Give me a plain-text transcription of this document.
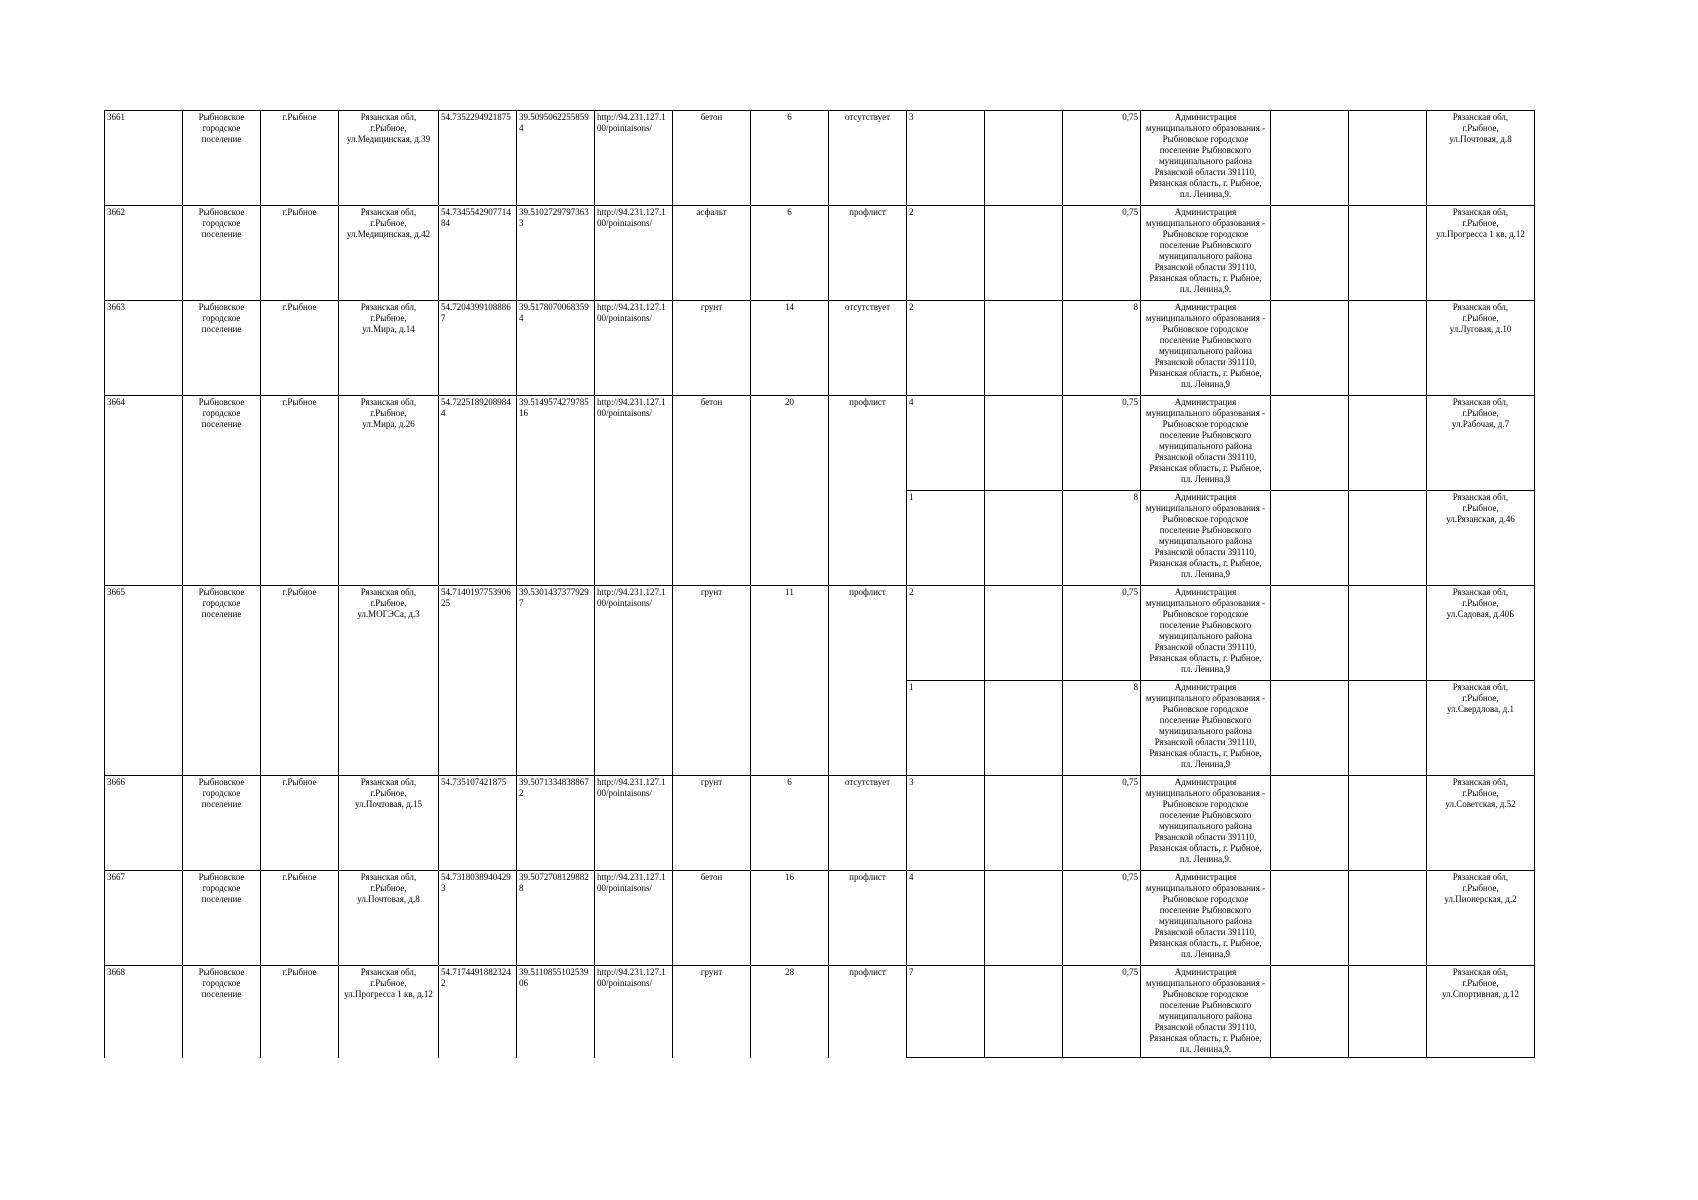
3661	Рыбновское городское поселение	г.Рыбное	Рязанская обл,
г.Рыбное,
ул.Медицинская, д.39	54.7352294921875	39.5095062255859 4	http://94.231.127.100/pointaisons/	бетон	6	отсутствует	3		0,75	Администрация муниципального образования - Рыбновское городское поселение Рыбновского муниципального района Рязанской области 391110, Рязанская область, г. Рыбное, пл. Ленина,9.			Рязанская обл,
г.Рыбное,
ул.Почтовая, д.8
3662	Рыбновское городское поселение	г.Рыбное	Рязанская обл,
г.Рыбное,
ул.Медицинская, д.42	54.7345542907714 84	39.5102729797363 3	http://94.231.127.100/pointaisons/	асфальт	6	профлист	2		0,75	Администрация муниципального образования - Рыбновское городское поселение Рыбновского муниципального района Рязанской области 391110, Рязанская область, г. Рыбное, пл. Ленина,9.			Рязанская обл,
г.Рыбное,
ул.Прогресса 1 кв, д.12
3663	Рыбновское городское поселение	г.Рыбное	Рязанская обл,
г.Рыбное,
ул.Мира, д.14	54.7204399108886 7	39.5178070068359 4	http://94.231.127.100/pointaisons/	грунт	14	отсутствует	2		8	Администрация муниципального образования - Рыбновское городское поселение Рыбновского муниципального района Рязанской области 391110, Рязанская область, г. Рыбное, пл. Ленина,9			Рязанская обл,
г.Рыбное,
ул.Луговая, д.10
3664	Рыбновское городское поселение	г.Рыбное	Рязанская обл,
г.Рыбное,
ул.Мира, д.26	54.7225189208984 4	39.5149574279785 16	http://94.231.127.100/pointaisons/	бетон	20	профлист	4		0,75	Администрация муниципального образования - Рыбновское городское поселение Рыбновского муниципального района Рязанской области 391110, Рязанская область, г. Рыбное, пл. Ленина,9			Рязанская обл,
г.Рыбное,
ул.Рабочая, д.7
										1		8	Администрация муниципального образования - Рыбновское городское поселение Рыбновского муниципального района Рязанской области 391110, Рязанская область, г. Рыбное, пл. Ленина,9			Рязанская обл,
г.Рыбное,
ул.Рязанская, д.46
3665	Рыбновское городское поселение	г.Рыбное	Рязанская обл,
г.Рыбное,
ул.МОГЭСа, д.3	54.7140197753906 25	39.5301437377929 7	http://94.231.127.100/pointaisons/	грунт	11	профлист	2		0,75	Администрация муниципального образования - Рыбновское городское поселение Рыбновского муниципального района Рязанской области 391110, Рязанская область, г. Рыбное, пл. Ленина,9			Рязанская обл,
г.Рыбное,
ул.Садовая, д.40Б
										1		8	Администрация муниципального образования - Рыбновское городское поселение Рыбновского муниципального района Рязанской области 391110, Рязанская область, г. Рыбное, пл. Ленина,9			Рязанская обл,
г.Рыбное,
ул.Свердлова, д.1
3666	Рыбновское городское поселение	г.Рыбное	Рязанская обл,
г.Рыбное,
ул.Почтовая, д.15	54.735107421875	39.5071334838867 2	http://94.231.127.100/pointaisons/	грунт	6	отсутствует	3		0,75	Администрация муниципального образования - Рыбновское городское поселение Рыбновского муниципального района Рязанской области 391110, Рязанская область, г. Рыбное, пл. Ленина,9.			Рязанская обл,
г.Рыбное,
ул.Советская, д.52
3667	Рыбновское городское поселение	г.Рыбное	Рязанская обл,
г.Рыбное,
ул.Почтовая, д.8	54.7318038940429 3	39.5072708129882 8	http://94.231.127.100/pointaisons/	бетон	16	профлист	4		0,75	Администрация муниципального образования - Рыбновское городское поселение Рыбновского муниципального района Рязанской области 391110, Рязанская область, г. Рыбное, пл. Ленина,9			Рязанская обл,
г.Рыбное,
ул.Пионерская, д.2
3668	Рыбновское городское поселение	г.Рыбное	Рязанская обл,
г.Рыбное,
ул.Прогресса 1 кв, д.12	54.7174491882324 2	39.5110855102539 06	http://94.231.127.100/pointaisons/	грунт	28	профлист	7		0,75	Администрация муниципального образования - Рыбновское городское поселение Рыбновского муниципального района Рязанской области 391110, Рязанская область, г. Рыбное, пл. Ленина,9.			Рязанская обл,
г.Рыбное,
ул.Спортивная, д.12
